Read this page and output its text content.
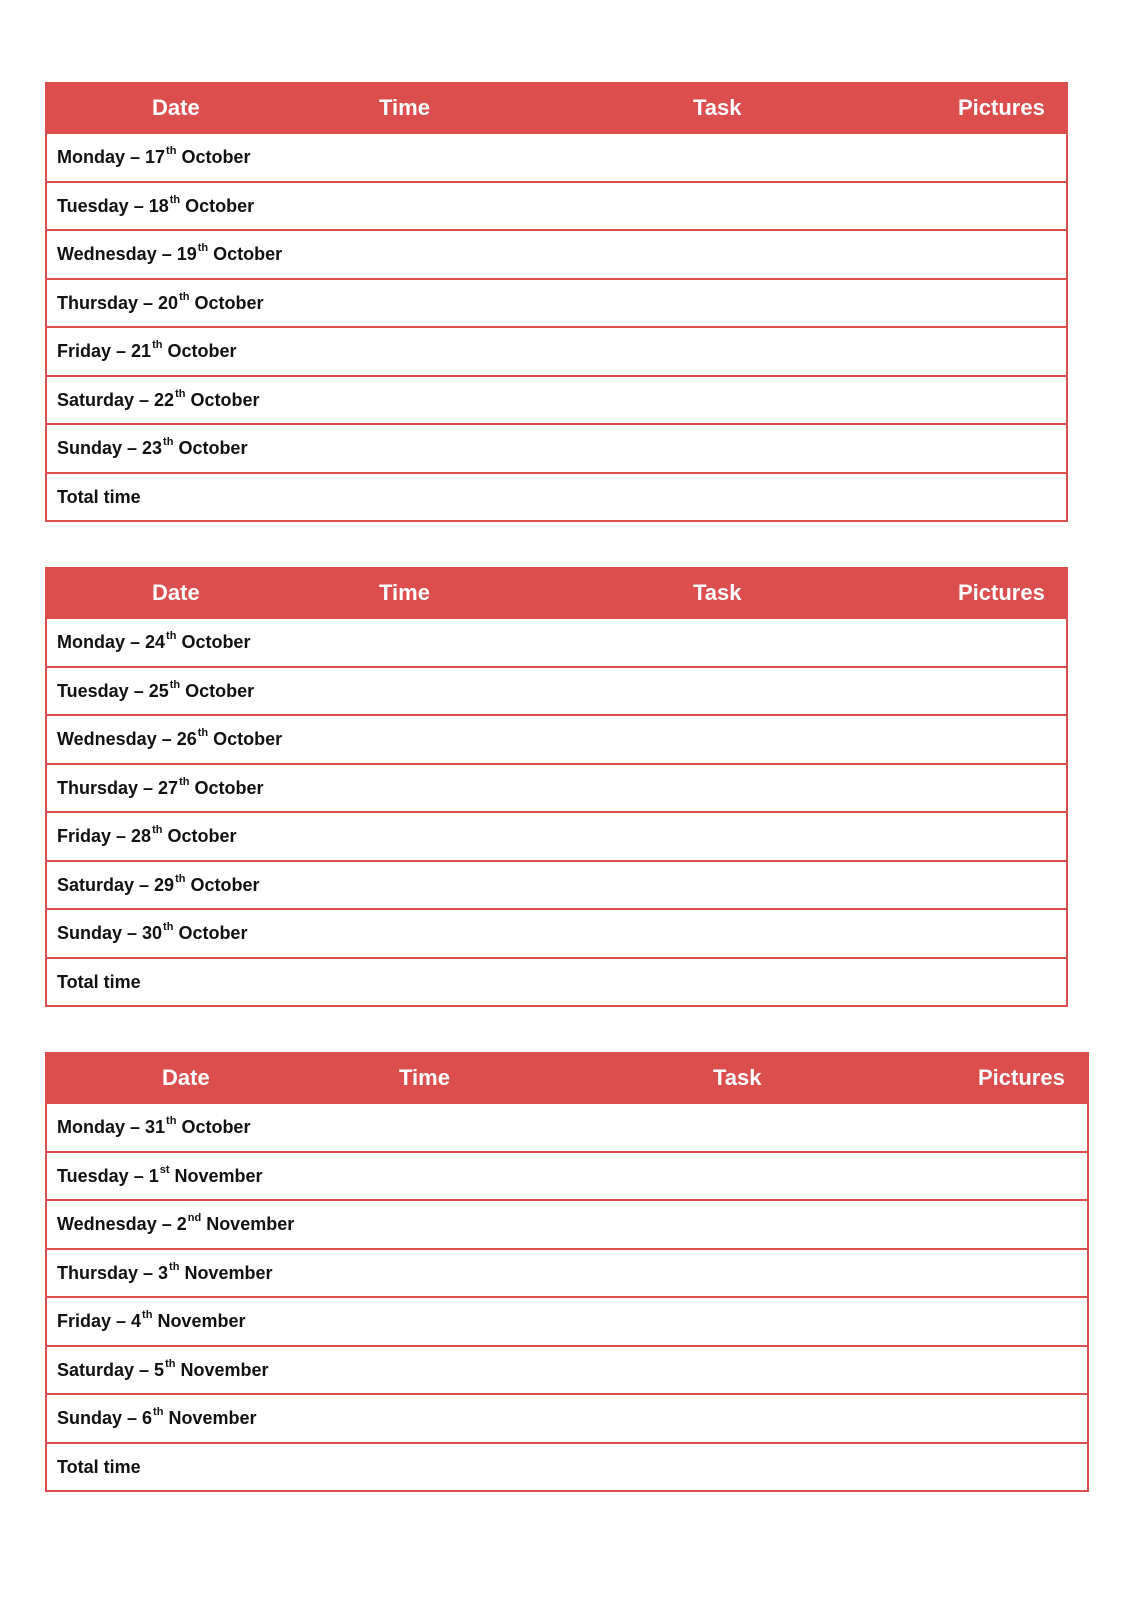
Date	Time	Task	Pictures
Monday – 17th October
Tuesday – 18th October
Wednesday – 19th October
Thursday – 20th October
Friday – 21th October
Saturday – 22th October
Sunday – 23th October
Total time
Date	Time	Task	Pictures
Monday – 24th October
Tuesday – 25th October
Wednesday – 26th October
Thursday – 27th October
Friday – 28th October
Saturday – 29th October
Sunday – 30th October
Total time
Date	Time	Task	Pictures
Monday – 31th October
Tuesday – 1st November
Wednesday – 2nd November
Thursday – 3th November
Friday – 4th November
Saturday – 5th November
Sunday – 6th November
Total time
